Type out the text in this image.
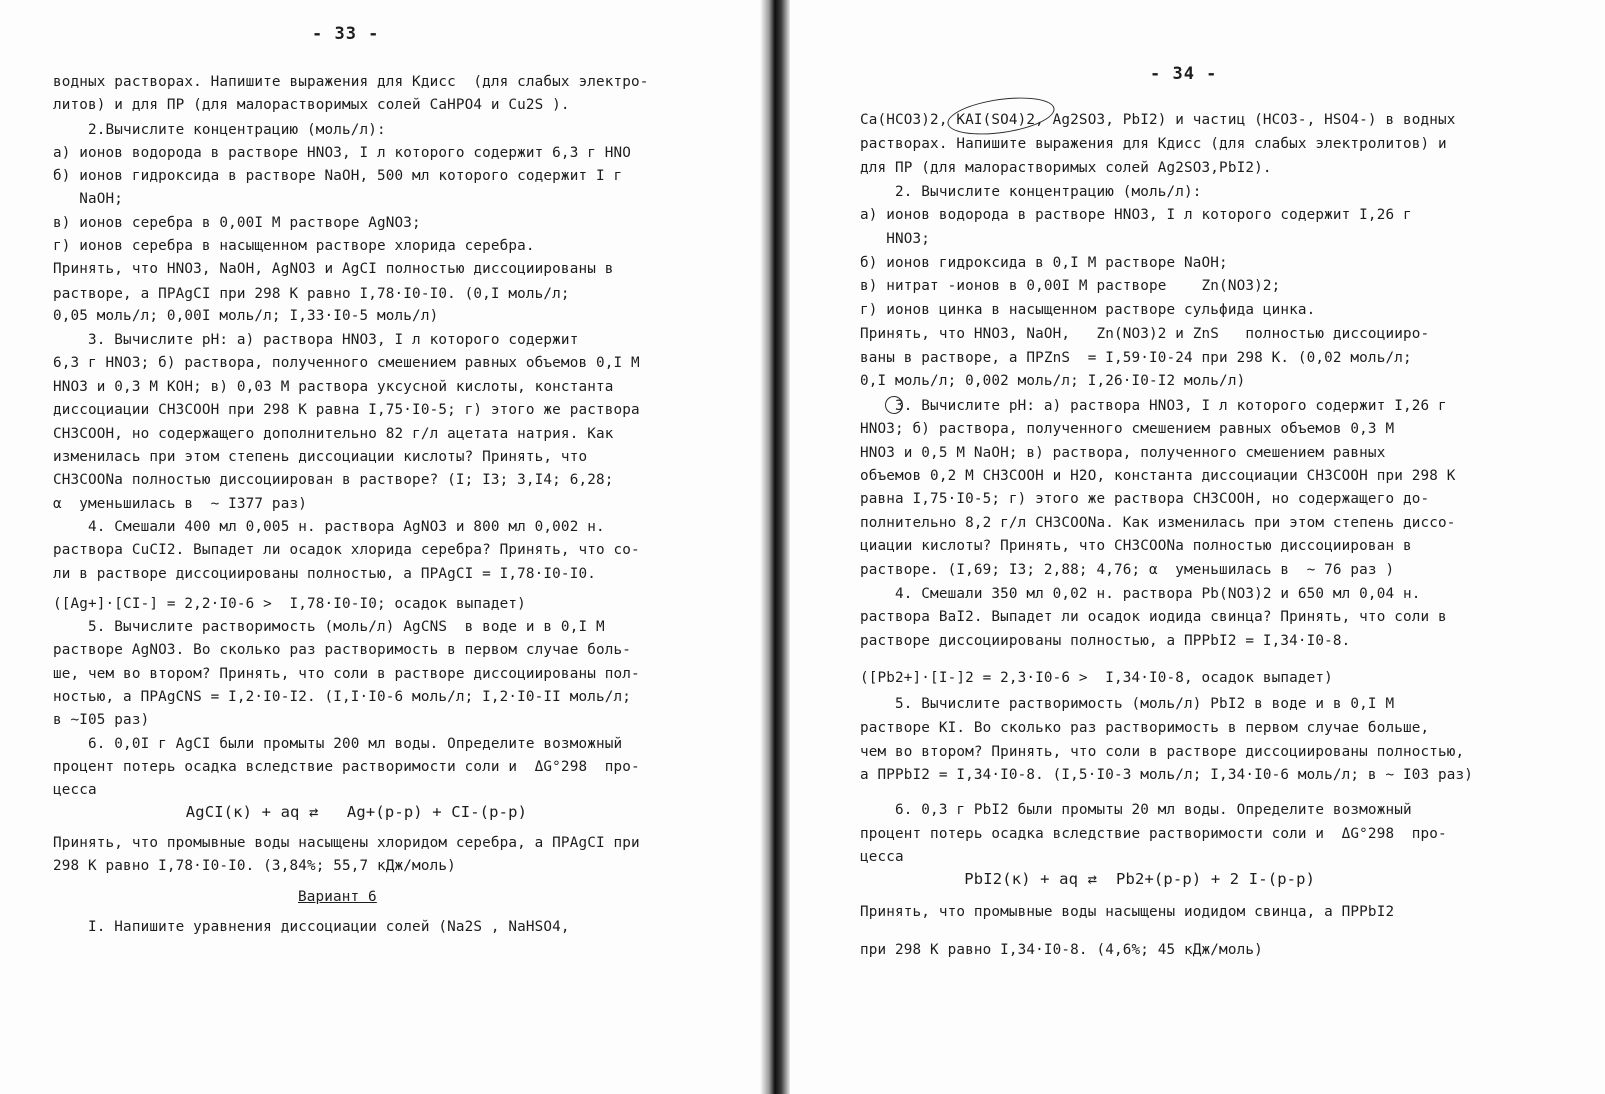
- 33 -
водных растворах. Напишите выражения для Кдисс  (для слабых электро-
литов) и для ПР (для малорастворимых солей CaHPO4 и Cu2S ).
2.Вычислите концентрацию (моль/л):
а) ионов водорода в растворе HNO3, I л которого содержит 6,3 г HNO
б) ионов гидроксида в растворе NaOH, 500 мл которого содержит I г
NaOH;
в) ионов серебра в 0,00I М растворе AgNO3;
г) ионов серебра в насыщенном растворе хлорида серебра.
Принять, что HNO3, NaOH, AgNO3 и AgCI полностью диссоциированы в
растворе, а ПРAgCI при 298 К равно I,78·I0-I0. (0,I моль/л;
0,05 моль/л; 0,00I моль/л; I,33·I0-5 моль/л)
3. Вычислите pH: а) раствора HNO3, I л которого содержит
6,3 г HNO3; б) раствора, полученного смешением равных объемов 0,I М
HNO3 и 0,3 М КОН; в) 0,03 М раствора уксусной кислоты, константа
диссоциации CH3COOH при 298 К равна I,75·I0-5; г) этого же раствора
CH3COOH, но содержащего дополнительно 82 г/л ацетата натрия. Как
изменилась при этом степень диссоциации кислоты? Принять, что
CH3COONa полностью диссоциирован в растворе? (I; I3; 3,I4; 6,28;
α  уменьшилась в  ~ I377 раз)
4. Смешали 400 мл 0,005 н. раствора AgNO3 и 800 мл 0,002 н.
раствора CuCI2. Выпадет ли осадок хлорида серебра? Принять, что со-
ли в растворе диссоциированы полностью, а ПРAgCI = I,78·I0-I0.
([Ag+]·[CI-] = 2,2·I0-6 >  I,78·I0-I0; осадок выпадет)
5. Вычислите растворимость (моль/л) AgCNS  в воде и в 0,I М
растворе AgNO3. Во сколько раз растворимость в первом случае боль-
ше, чем во втором? Принять, что соли в растворе диссоциированы пол-
ностью, а ПРAgCNS = I,2·I0-I2. (I,I·I0-6 моль/л; I,2·I0-II моль/л;
в ~I05 раз)
6. 0,0I г AgCI были промыты 200 мл воды. Определите возможный
процент потерь осадка вследствие растворимости соли и  ΔG°298  про-
цесса
AgCI(к) + aq ⇄   Ag+(р-р) + CI-(р-р)
Принять, что промывные воды насыщены хлоридом серебра, а ПРAgCI при
298 К равно I,78·I0-I0. (3,84%; 55,7 кДж/моль)
Вариант 6
I. Напишите уравнения диссоциации солей (Na2S , NaHSO4,
- 34 -
Ca(HCO3)2, KAI(SO4)2, Ag2SO3, PbI2) и частиц (HCO3-, HSO4-) в водных
растворах. Напишите выражения для Кдисс (для слабых электролитов) и
для ПР (для малорастворимых солей Ag2SO3,PbI2).
2. Вычислите концентрацию (моль/л):
а) ионов водорода в растворе HNO3, I л которого содержит I,26 г
HNO3;
б) ионов гидроксида в 0,I М растворе NaOH;
в) нитрат -ионов в 0,00I М растворе    Zn(NO3)2;
г) ионов цинка в насыщенном растворе сульфида цинка.
Принять, что HNO3, NaOH,   Zn(NO3)2 и ZnS   полностью диссоцииро-
ваны в растворе, а ПРZnS  = I,59·I0-24 при 298 К. (0,02 моль/л;
0,I моль/л; 0,002 моль/л; I,26·I0-I2 моль/л)
3. Вычислите pH: а) раствора HNO3, I л которого содержит I,26 г
HNO3; б) раствора, полученного смешением равных объемов 0,3 М
HNO3 и 0,5 М NaOH; в) раствора, полученного смешением равных
объемов 0,2 М CH3COOH и H2O, константа диссоциации CH3COOH при 298 К
равна I,75·I0-5; г) этого же раствора CH3COOH, но содержащего до-
полнительно 8,2 г/л CH3COONa. Как изменилась при этом степень диссо-
циации кислоты? Принять, что CH3COONa полностью диссоциирован в
растворе. (I,69; I3; 2,88; 4,76; α  уменьшилась в  ~ 76 раз )
4. Смешали 350 мл 0,02 н. раствора Pb(NO3)2 и 650 мл 0,04 н.
раствора BaI2. Выпадет ли осадок иодида свинца? Принять, что соли в
растворе диссоциированы полностью, а ПРPbI2 = I,34·I0-8.
([Pb2+]·[I-]2 = 2,3·I0-6 >  I,34·I0-8, осадок выпадет)
5. Вычислите растворимость (моль/л) PbI2 в воде и в 0,I М
растворе KI. Во сколько раз растворимость в первом случае больше,
чем во втором? Принять, что соли в растворе диссоциированы полностью,
а ПРPbI2 = I,34·I0-8. (I,5·I0-3 моль/л; I,34·I0-6 моль/л; в ~ I03 раз)
6. 0,3 г PbI2 были промыты 20 мл воды. Определите возможный
процент потерь осадка вследствие растворимости соли и  ΔG°298  про-
цесса
PbI2(к) + aq ⇄  Pb2+(р-р) + 2 I-(р-р)
Принять, что промывные воды насыщены иодидом свинца, а ПРPbI2
при 298 К равно I,34·I0-8. (4,6%; 45 кДж/моль)
